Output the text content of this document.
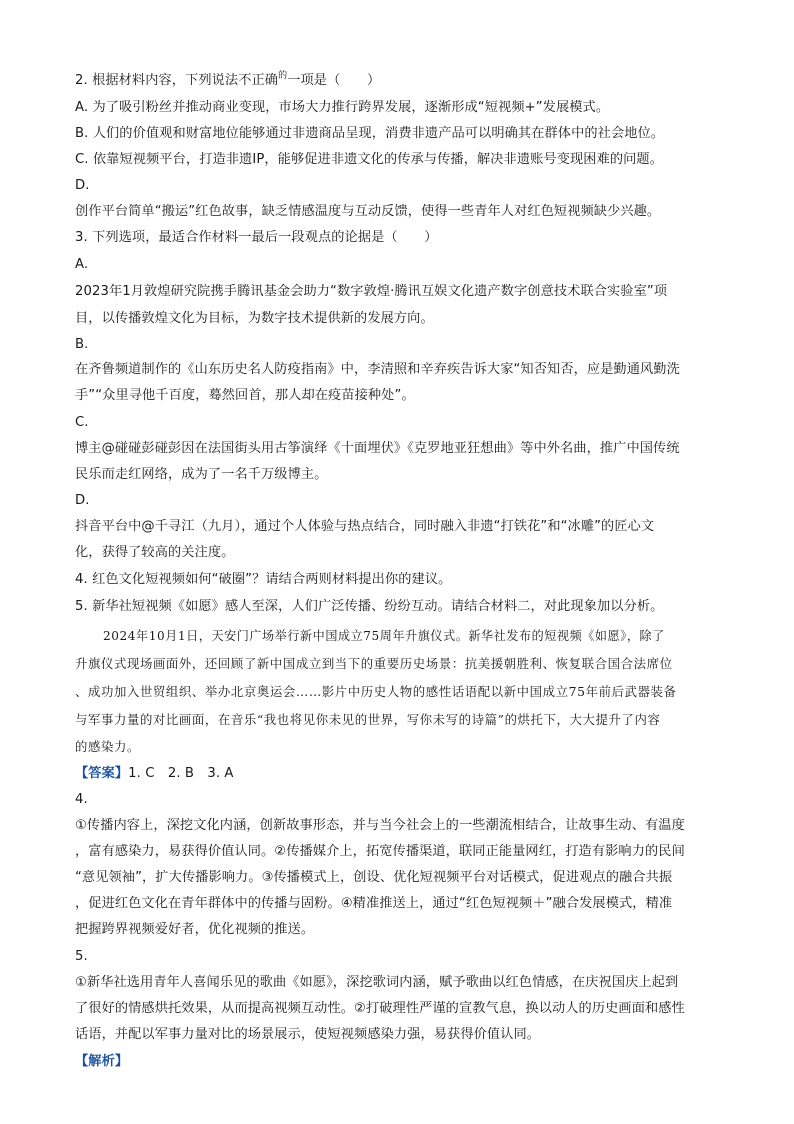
2. 根据材料内容，下列说法不正确$^的$一项是（　　）
A. 为了吸引粉丝并推动商业变现，市场大力推行跨界发展，逐渐形成“短视频+”发展模式。
B. 人们的价值观和财富地位能够通过非遗商品呈现，消费非遗产品可以明确其在群体中的社会地位。
C. 依靠短视频平台，打造非遗IP，能够促进非遗文化的传承与传播，解决非遗账号变现困难的问题。
D.
创作平台简单“搬运”红色故事，缺乏情感温度与互动反馈，使得一些青年人对红色短视频缺少兴趣。
3. 下列选项，最适合作材料一最后一段观点的论据是（　　）
A.
2023年1月敦煌研究院携手腾讯基金会助力“数字敦煌·腾讯互娱文化遗产数字创意技术联合实验室”项
目，以传播敦煌文化为目标，为数字技术提供新的发展方向。
B.
在齐鲁频道制作的《山东历史名人防疫指南》中，李清照和辛弃疾告诉大家“知否知否，应是勤通风勤洗
手”“众里寻他千百度，蓦然回首，那人却在疫苗接种处”。
C.
博主@碰碰彭碰彭因在法国街头用古筝演绎《十面埋伏》《克罗地亚狂想曲》等中外名曲，推广中国传统
民乐而走红网络，成为了一名千万级博主。
D.
抖音平台中@千寻江（九月），通过个人体验与热点结合，同时融入非遗“打铁花”和“冰雕”的匠心文
化，获得了较高的关注度。
4. 红色文化短视频如何“破圈”？请结合两则材料提出你的建议。
5. 新华社短视频《如愿》感人至深，人们广泛传播、纷纷互动。请结合材料二，对此现象加以分析。
2024年10月1日，天安门广场举行新中国成立75周年升旗仪式。新华社发布的短视频《如愿》，除了
升旗仪式现场画面外，还回顾了新中国成立到当下的重要历史场景：抗美援朝胜利、恢复联合国合法席位
、成功加入世贸组织、举办北京奥运会……影片中历史人物的感性话语配以新中国成立75年前后武器装备
与军事力量的对比画面，在音乐“我也将见你未见的世界，写你未写的诗篇”的烘托下，大大提升了内容
的感染力。
【答案】1. C　2. B　3. A
4.
①传播内容上，深挖文化内涵，创新故事形态，并与当今社会上的一些潮流相结合，让故事生动、有温度
，富有感染力，易获得价值认同。②传播媒介上，拓宽传播渠道，联同正能量网红，打造有影响力的民间
“意见领袖”，扩大传播影响力。③传播模式上，创设、优化短视频平台对话模式，促进观点的融合共振
，促进红色文化在青年群体中的传播与固粉。④精准推送上，通过“红色短视频＋”融合发展模式，精准
把握跨界视频爱好者，优化视频的推送。
5.
①新华社选用青年人喜闻乐见的歌曲《如愿》，深挖歌词内涵，赋予歌曲以红色情感，在庆祝国庆上起到
了很好的情感烘托效果，从而提高视频互动性。②打破理性严谨的宣教气息，换以动人的历史画面和感性
话语，并配以军事力量对比的场景展示，使短视频感染力强，易获得价值认同。
【解析】
